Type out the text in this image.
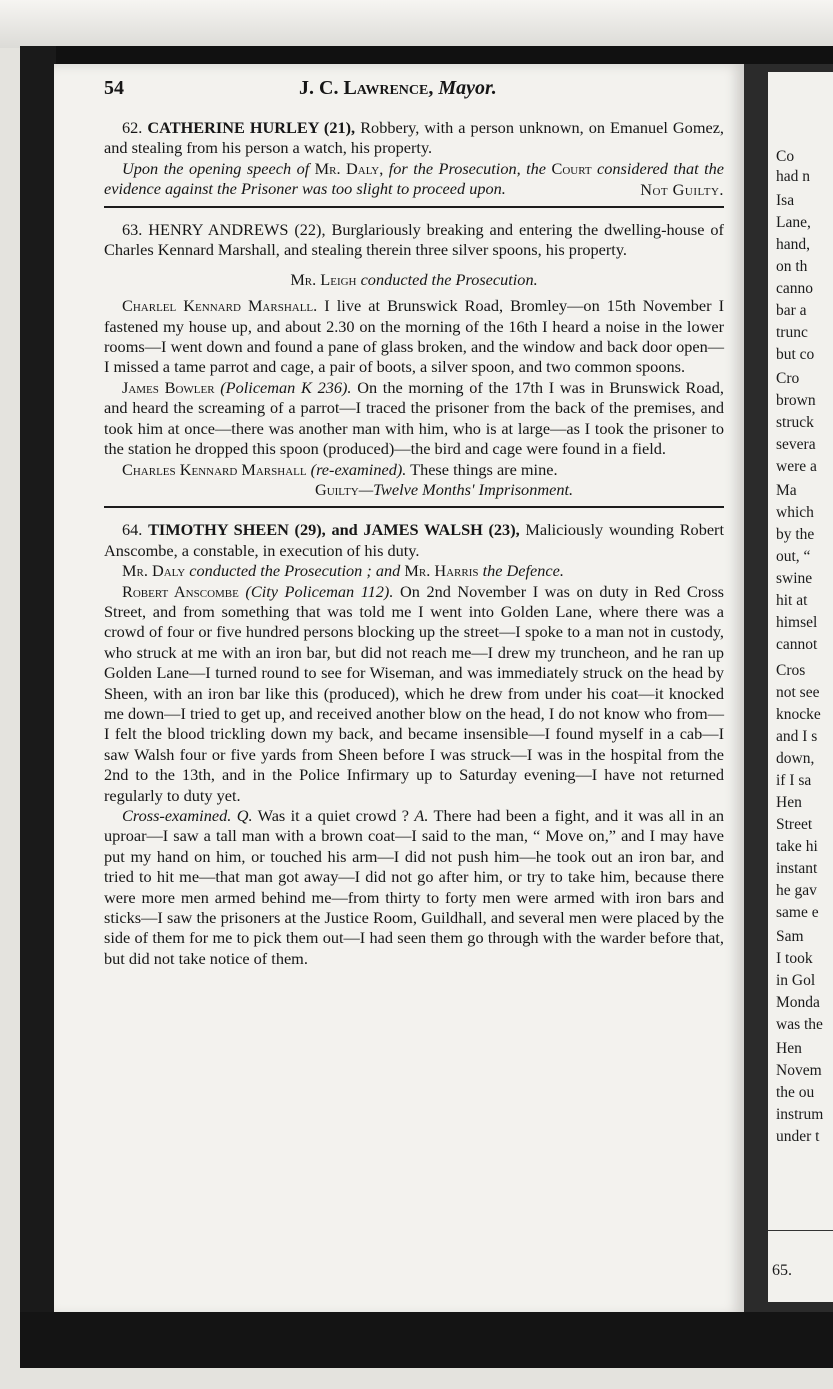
Co
had n
Isa
Lane,
hand,
on th
canno
bar a
trunc
but co
Cro
brown
struck
severa
were a
Ma
which
by the
out, “
swine
hit at
himsel
cannot
Cros
not see
knocke
and I s
down,
if I sa
Hen
Street
take hi
instant
he gav
same e
Sam
I took
in Gol
Monda
was the
Hen
Novem
the ou
instrum
under t
65.
54	J. C. Lawrence, Mayor.

62. CATHERINE HURLEY (21), Robbery, with a person unknown, on Emanuel Gomez, and stealing from his person a watch, his property.

Upon the opening speech of Mr. Daly, for the Prosecution, the Court considered that the evidence against the Prisoner was too slight to proceed upon.	Not Guilty.

63. HENRY ANDREWS (22), Burglariously breaking and entering the dwelling-house of Charles Kennard Marshall, and stealing therein three silver spoons, his property.

Mr. Leigh conducted the Prosecution.

Charlel Kennard Marshall. I live at Brunswick Road, Bromley—on 15th November I fastened my house up, and about 2.30 on the morning of the 16th I heard a noise in the lower rooms—I went down and found a pane of glass broken, and the window and back door open—I missed a tame parrot and cage, a pair of boots, a silver spoon, and two common spoons.

James Bowler (Policeman K 236). On the morning of the 17th I was in Brunswick Road, and heard the screaming of a parrot—I traced the prisoner from the back of the premises, and took him at once—there was another man with him, who is at large—as I took the prisoner to the station he dropped this spoon (produced)—the bird and cage were found in a field.

Charles Kennard Marshall (re-examined). These things are mine.

Guilty—Twelve Months' Imprisonment.

64. TIMOTHY SHEEN (29), and JAMES WALSH (23), Maliciously wounding Robert Anscombe, a constable, in execution of his duty.

Mr. Daly conducted the Prosecution ; and Mr. Harris the Defence.

Robert Anscombe (City Policeman 112). On 2nd November I was on duty in Red Cross Street, and from something that was told me I went into Golden Lane, where there was a crowd of four or five hundred persons blocking up the street—I spoke to a man not in custody, who struck at me with an iron bar, but did not reach me—I drew my truncheon, and he ran up Golden Lane—I turned round to see for Wiseman, and was immediately struck on the head by Sheen, with an iron bar like this (produced), which he drew from under his coat—it knocked me down—I tried to get up, and received another blow on the head, I do not know who from—I felt the blood trickling down my back, and became insensible—I found myself in a cab—I saw Walsh four or five yards from Sheen before I was struck—I was in the hospital from the 2nd to the 13th, and in the Police Infirmary up to Saturday evening—I have not returned regularly to duty yet.

Cross-examined. Q. Was it a quiet crowd ? A. There had been a fight, and it was all in an uproar—I saw a tall man with a brown coat—I said to the man, “ Move on,” and I may have put my hand on him, or touched his arm—I did not push him—he took out an iron bar, and tried to hit me—that man got away—I did not go after him, or try to take him, because there were more men armed behind me—from thirty to forty men were armed with iron bars and sticks—I saw the prisoners at the Justice Room, Guildhall, and several men were placed by the side of them for me to pick them out—I had seen them go through with the warder before that, but did not take notice of them.
